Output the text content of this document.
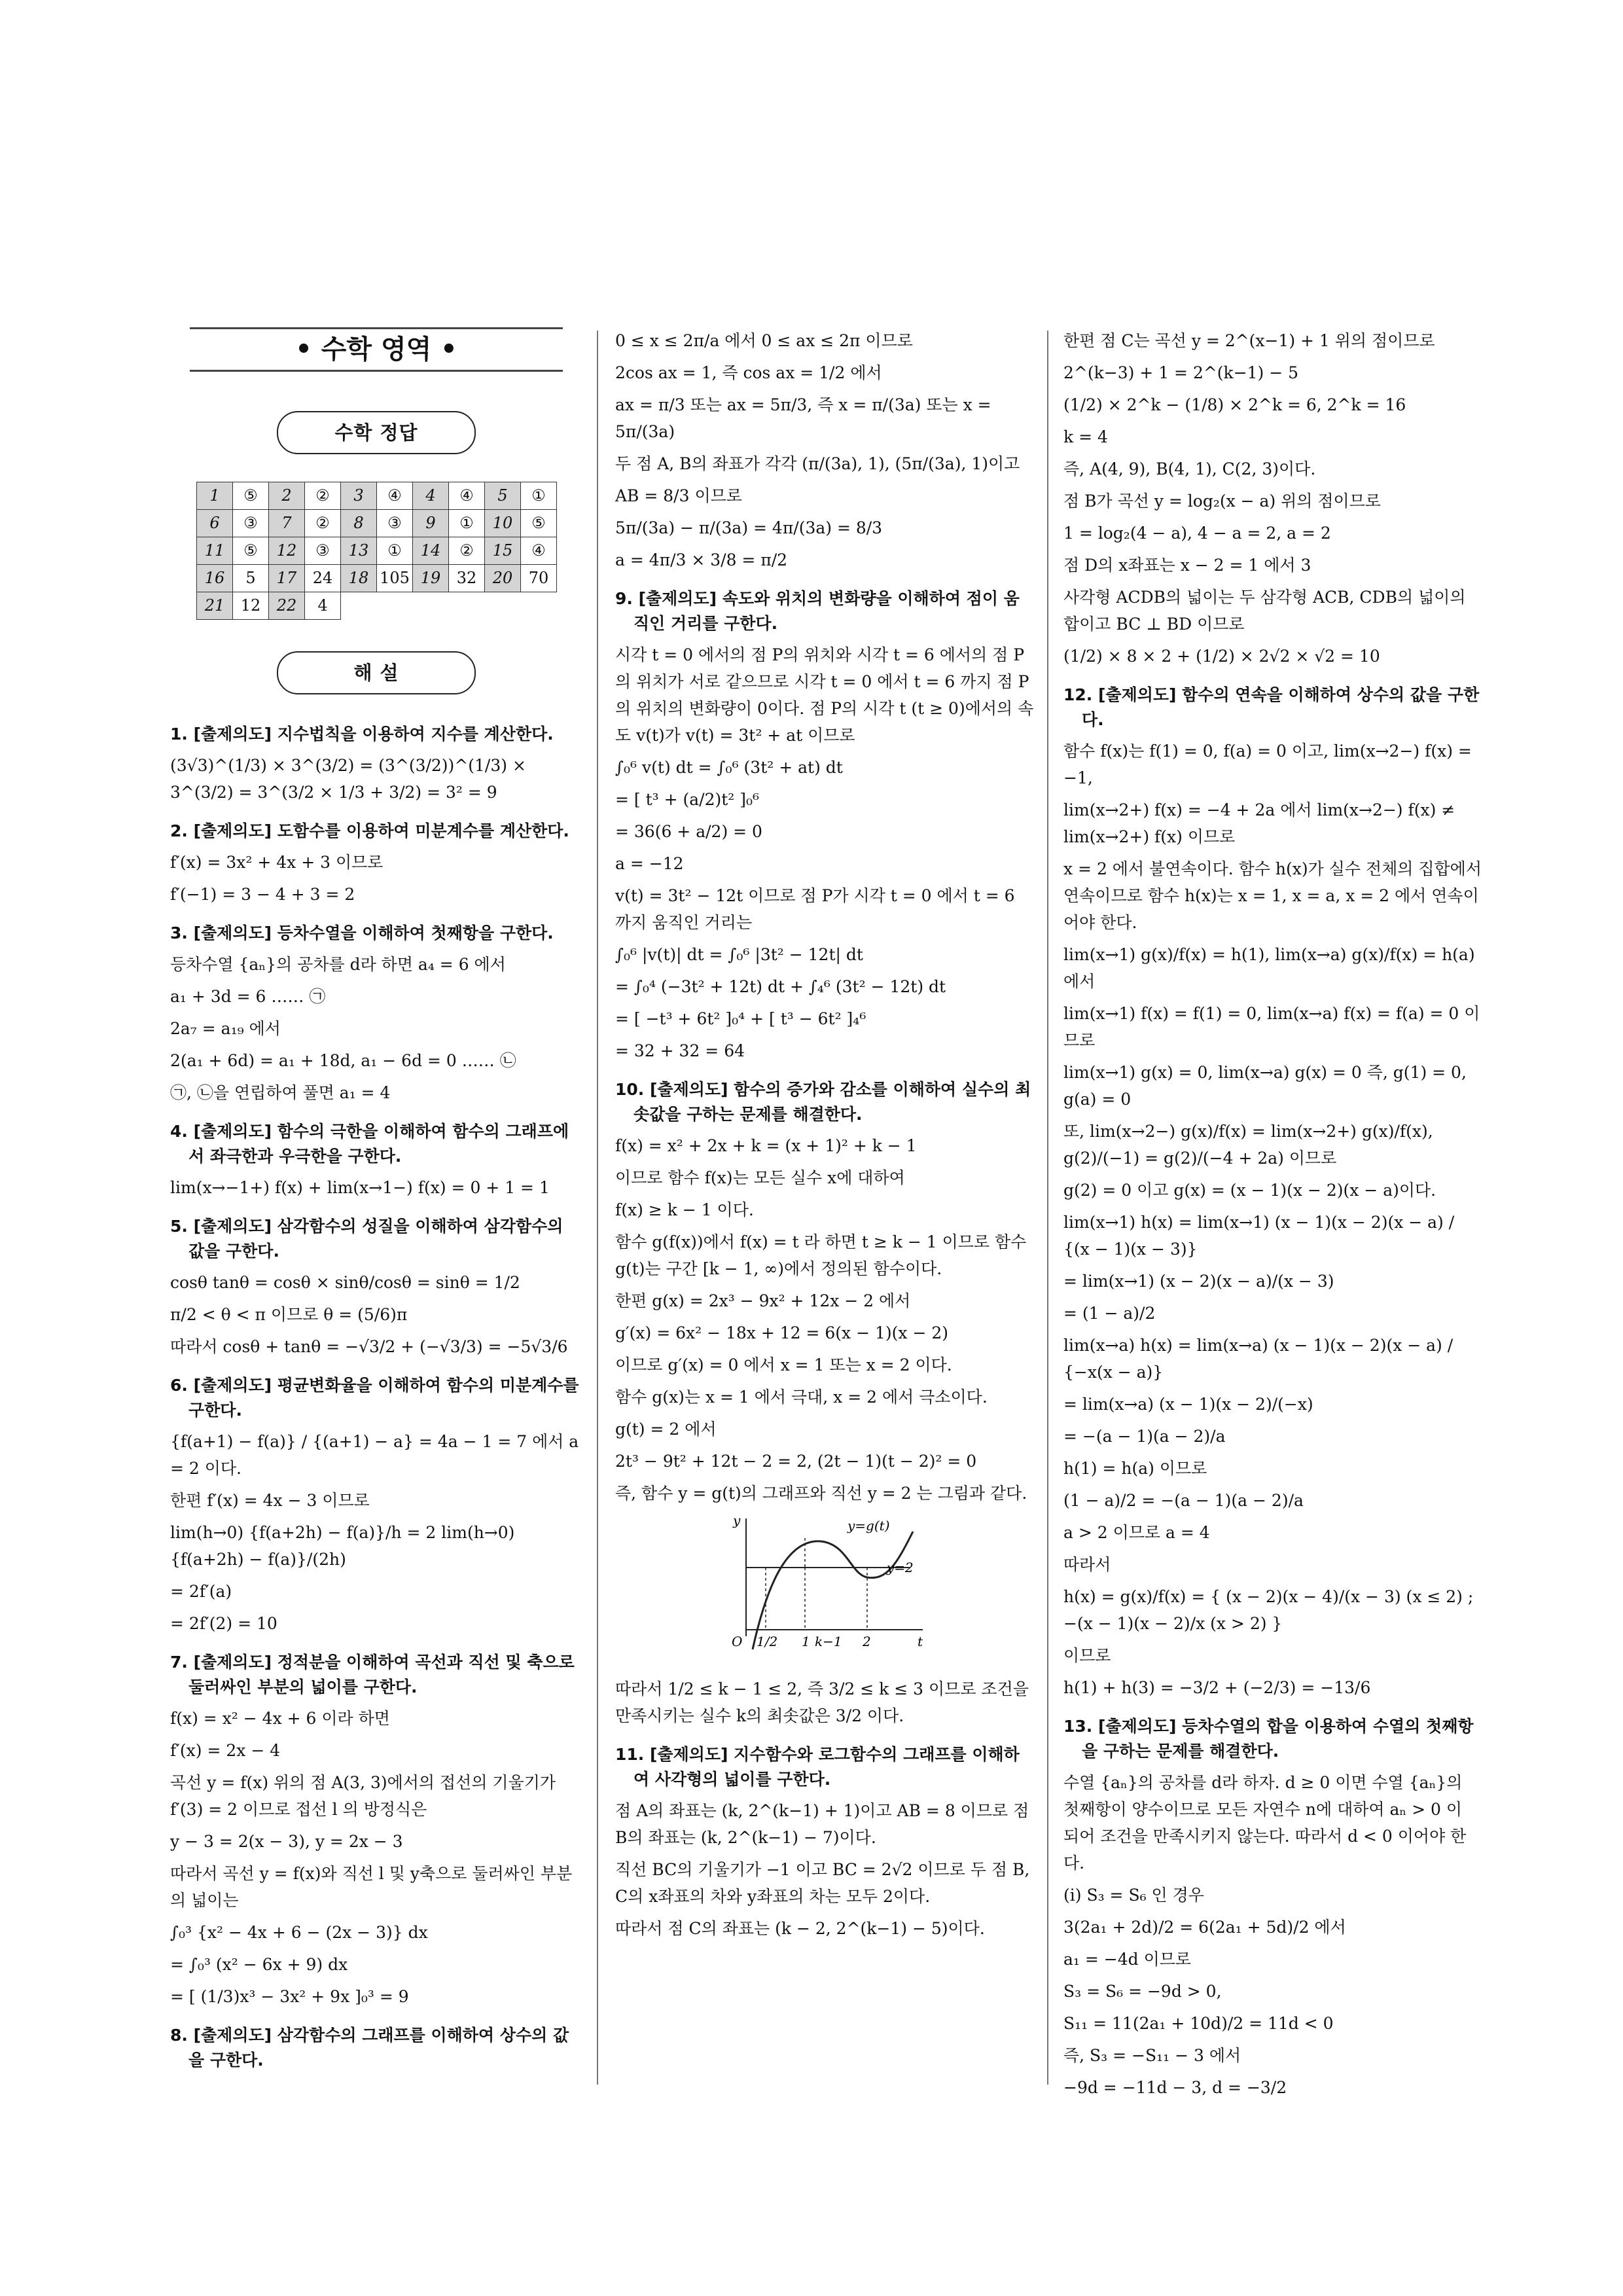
• 수학 영역 •
수학 정답
1	⑤	2	②	3	④	4	④	5	①
6	③	7	②	8	③	9	①	10	⑤
11	⑤	12	③	13	①	14	②	15	④
16	5	17	24	18	105	19	32	20	70
21	12	22	4						
해 설
1. [출제의도] 지수법칙을 이용하여 지수를 계산한다.
(3√3)^(1/3) × 3^(3/2) = (3^(3/2))^(1/3) × 3^(3/2) = 3^(3/2 × 1/3 + 3/2) = 3² = 9
2. [출제의도] 도함수를 이용하여 미분계수를 계산한다.
f′(x) = 3x² + 4x + 3 이므로
f′(−1) = 3 − 4 + 3 = 2
3. [출제의도] 등차수열을 이해하여 첫째항을 구한다.
등차수열 {aₙ}의 공차를 d라 하면 a₄ = 6 에서
a₁ + 3d = 6 …… ㉠
2a₇ = a₁₉ 에서
2(a₁ + 6d) = a₁ + 18d, a₁ − 6d = 0 …… ㉡
㉠, ㉡을 연립하여 풀면 a₁ = 4
4. [출제의도] 함수의 극한을 이해하여 함수의 그래프에서 좌극한과 우극한을 구한다.
lim(x→−1+) f(x) + lim(x→1−) f(x) = 0 + 1 = 1
5. [출제의도] 삼각함수의 성질을 이해하여 삼각함수의 값을 구한다.
cosθ tanθ = cosθ × sinθ/cosθ = sinθ = 1/2
π/2 < θ < π 이므로 θ = (5/6)π
따라서 cosθ + tanθ = −√3/2 + (−√3/3) = −5√3/6
6. [출제의도] 평균변화율을 이해하여 함수의 미분계수를 구한다.
{f(a+1) − f(a)} / {(a+1) − a} = 4a − 1 = 7 에서 a = 2 이다.
한편 f′(x) = 4x − 3 이므로
lim(h→0) {f(a+2h) − f(a)}/h = 2 lim(h→0) {f(a+2h) − f(a)}/(2h)
= 2f′(a)
= 2f′(2) = 10
7. [출제의도] 정적분을 이해하여 곡선과 직선 및 축으로 둘러싸인 부분의 넓이를 구한다.
f(x) = x² − 4x + 6 이라 하면
f′(x) = 2x − 4
곡선 y = f(x) 위의 점 A(3, 3)에서의 접선의 기울기가 f′(3) = 2 이므로 접선 l 의 방정식은
y − 3 = 2(x − 3), y = 2x − 3
따라서 곡선 y = f(x)와 직선 l 및 y축으로 둘러싸인 부분의 넓이는
∫₀³ {x² − 4x + 6 − (2x − 3)} dx
= ∫₀³ (x² − 6x + 9) dx
= [ (1/3)x³ − 3x² + 9x ]₀³ = 9
8. [출제의도] 삼각함수의 그래프를 이해하여 상수의 값을 구한다.
0 ≤ x ≤ 2π/a 에서 0 ≤ ax ≤ 2π 이므로
2cos ax = 1, 즉 cos ax = 1/2 에서
ax = π/3 또는 ax = 5π/3, 즉 x = π/(3a) 또는 x = 5π/(3a)
두 점 A, B의 좌표가 각각 (π/(3a), 1), (5π/(3a), 1)이고
AB = 8/3 이므로
5π/(3a) − π/(3a) = 4π/(3a) = 8/3
a = 4π/3 × 3/8 = π/2
9. [출제의도] 속도와 위치의 변화량을 이해하여 점이 움직인 거리를 구한다.
시각 t = 0 에서의 점 P의 위치와 시각 t = 6 에서의 점 P의 위치가 서로 같으므로 시각 t = 0 에서 t = 6 까지 점 P의 위치의 변화량이 0이다. 점 P의 시각 t (t ≥ 0)에서의 속도 v(t)가 v(t) = 3t² + at 이므로
∫₀⁶ v(t) dt = ∫₀⁶ (3t² + at) dt
= [ t³ + (a/2)t² ]₀⁶
= 36(6 + a/2) = 0
a = −12
v(t) = 3t² − 12t 이므로 점 P가 시각 t = 0 에서 t = 6 까지 움직인 거리는
∫₀⁶ |v(t)| dt = ∫₀⁶ |3t² − 12t| dt
= ∫₀⁴ (−3t² + 12t) dt + ∫₄⁶ (3t² − 12t) dt
= [ −t³ + 6t² ]₀⁴ + [ t³ − 6t² ]₄⁶
= 32 + 32 = 64
10. [출제의도] 함수의 증가와 감소를 이해하여 실수의 최솟값을 구하는 문제를 해결한다.
f(x) = x² + 2x + k = (x + 1)² + k − 1
이므로 함수 f(x)는 모든 실수 x에 대하여
f(x) ≥ k − 1 이다.
함수 g(f(x))에서 f(x) = t 라 하면 t ≥ k − 1 이므로 함수 g(t)는 구간 [k − 1, ∞)에서 정의된 함수이다.
한편 g(x) = 2x³ − 9x² + 12x − 2 에서
g′(x) = 6x² − 18x + 12 = 6(x − 1)(x − 2)
이므로 g′(x) = 0 에서 x = 1 또는 x = 2 이다.
함수 g(x)는 x = 1 에서 극대, x = 2 에서 극소이다.
g(t) = 2 에서
2t³ − 9t² + 12t − 2 = 2, (2t − 1)(t − 2)² = 0
즉, 함수 y = g(t)의 그래프와 직선 y = 2 는 그림과 같다.
y	y=g(t)
y=2
O	t
1/2 1 k−1 2
따라서 1/2 ≤ k − 1 ≤ 2, 즉 3/2 ≤ k ≤ 3 이므로 조건을 만족시키는 실수 k의 최솟값은 3/2 이다.
11. [출제의도] 지수함수와 로그함수의 그래프를 이해하여 사각형의 넓이를 구한다.
점 A의 좌표는 (k, 2^(k−1) + 1)이고 AB = 8 이므로 점 B의 좌표는 (k, 2^(k−1) − 7)이다.
직선 BC의 기울기가 −1 이고 BC = 2√2 이므로 두 점 B, C의 x좌표의 차와 y좌표의 차는 모두 2이다.
따라서 점 C의 좌표는 (k − 2, 2^(k−1) − 5)이다.
한편 점 C는 곡선 y = 2^(x−1) + 1 위의 점이므로
2^(k−3) + 1 = 2^(k−1) − 5
(1/2) × 2^k − (1/8) × 2^k = 6, 2^k = 16
k = 4
즉, A(4, 9), B(4, 1), C(2, 3)이다.
점 B가 곡선 y = log₂(x − a) 위의 점이므로
1 = log₂(4 − a), 4 − a = 2, a = 2
점 D의 x좌표는 x − 2 = 1 에서 3
사각형 ACDB의 넓이는 두 삼각형 ACB, CDB의 넓이의 합이고 BC ⊥ BD 이므로
(1/2) × 8 × 2 + (1/2) × 2√2 × √2 = 10
12. [출제의도] 함수의 연속을 이해하여 상수의 값을 구한다.
함수 f(x)는 f(1) = 0, f(a) = 0 이고, lim(x→2−) f(x) = −1,
lim(x→2+) f(x) = −4 + 2a 에서 lim(x→2−) f(x) ≠ lim(x→2+) f(x) 이므로
x = 2 에서 불연속이다. 함수 h(x)가 실수 전체의 집합에서 연속이므로 함수 h(x)는 x = 1, x = a, x = 2 에서 연속이어야 한다.
lim(x→1) g(x)/f(x) = h(1), lim(x→a) g(x)/f(x) = h(a) 에서
lim(x→1) f(x) = f(1) = 0, lim(x→a) f(x) = f(a) = 0 이므로
lim(x→1) g(x) = 0, lim(x→a) g(x) = 0 즉, g(1) = 0, g(a) = 0
또, lim(x→2−) g(x)/f(x) = lim(x→2+) g(x)/f(x), g(2)/(−1) = g(2)/(−4 + 2a) 이므로
g(2) = 0 이고 g(x) = (x − 1)(x − 2)(x − a)이다.
lim(x→1) h(x) = lim(x→1) (x − 1)(x − 2)(x − a) / {(x − 1)(x − 3)}
= lim(x→1) (x − 2)(x − a)/(x − 3)
= (1 − a)/2
lim(x→a) h(x) = lim(x→a) (x − 1)(x − 2)(x − a) / {−x(x − a)}
= lim(x→a) (x − 1)(x − 2)/(−x)
= −(a − 1)(a − 2)/a
h(1) = h(a) 이므로
(1 − a)/2 = −(a − 1)(a − 2)/a
a > 2 이므로 a = 4
따라서
h(x) = g(x)/f(x) = { (x − 2)(x − 4)/(x − 3) (x ≤ 2) ; −(x − 1)(x − 2)/x (x > 2) }
이므로
h(1) + h(3) = −3/2 + (−2/3) = −13/6
13. [출제의도] 등차수열의 합을 이용하여 수열의 첫째항을 구하는 문제를 해결한다.
수열 {aₙ}의 공차를 d라 하자. d ≥ 0 이면 수열 {aₙ}의 첫째항이 양수이므로 모든 자연수 n에 대하여 aₙ > 0 이 되어 조건을 만족시키지 않는다. 따라서 d < 0 이어야 한다.
(ⅰ) S₃ = S₆ 인 경우
3(2a₁ + 2d)/2 = 6(2a₁ + 5d)/2 에서
a₁ = −4d 이므로
S₃ = S₆ = −9d > 0,
S₁₁ = 11(2a₁ + 10d)/2 = 11d < 0
즉, S₃ = −S₁₁ − 3 에서
−9d = −11d − 3, d = −3/2
